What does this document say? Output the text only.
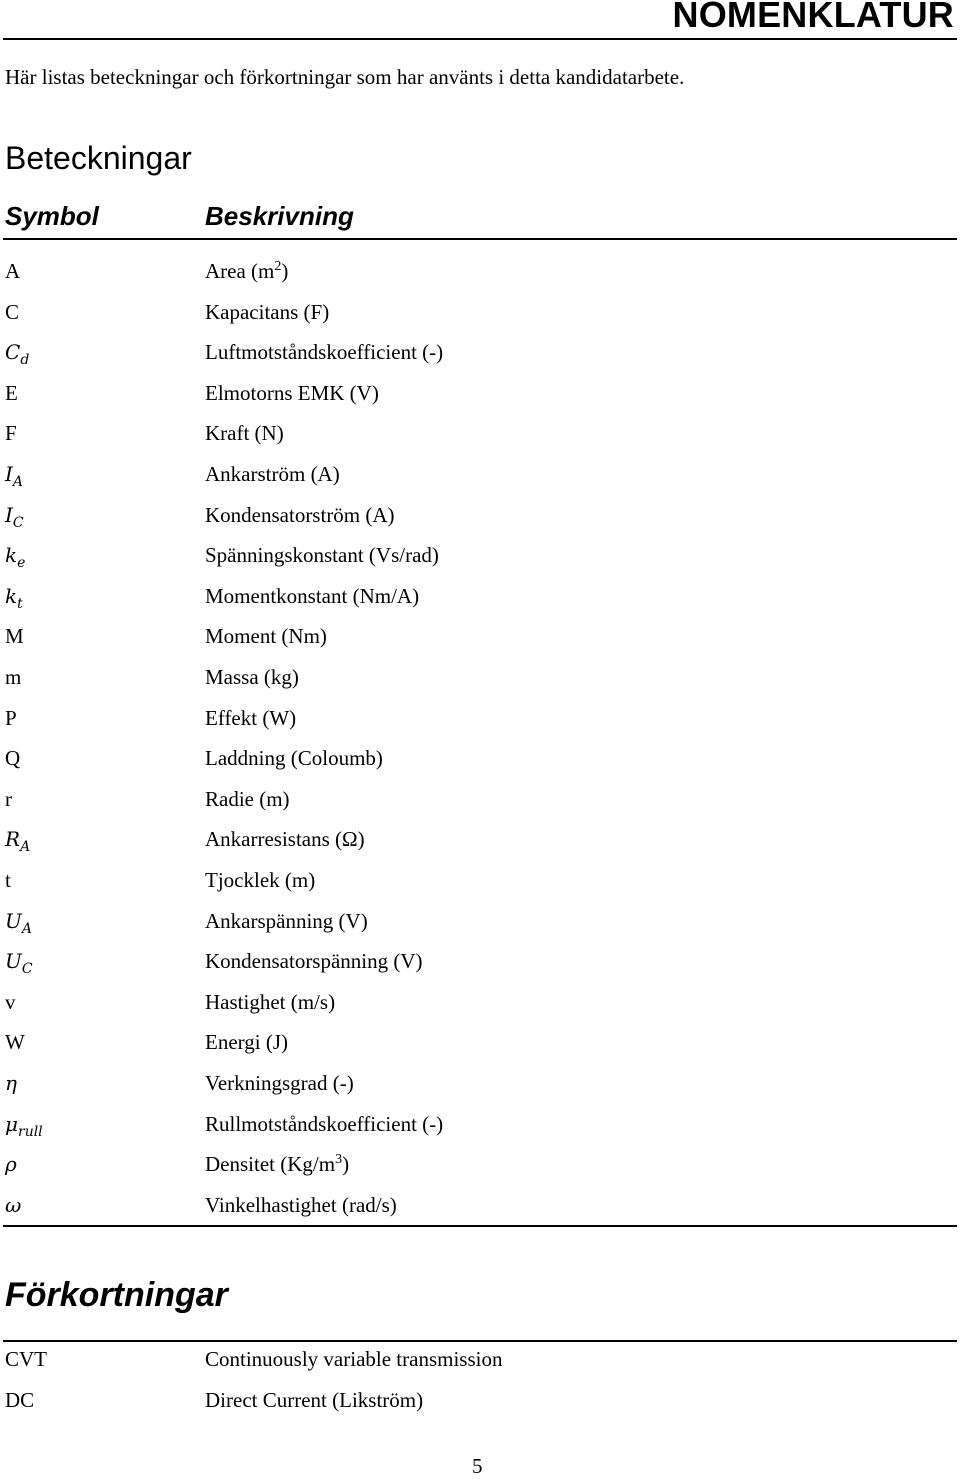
NOMENKLATUR
Här listas beteckningar och förkortningar som har använts i detta kandidatarbete.
Beteckningar
Symbol	Beskrivning
A	Area $(m^2)$
C	Kapacitans (F)
$C_d$	Luftmotståndskoefficient (-)
E	Elmotorns EMK (V)
F	Kraft (N)
$I_A$	Ankarström (A)
$I_C$	Kondensatorström (A)
$k_e$	Spänningskonstant (Vs/rad)
$k_t$	Momentkonstant (Nm/A)
M	Moment (Nm)
m	Massa (kg)
P	Effekt (W)
Q	Laddning (Coloumb)
r	Radie (m)
$R_A$	Ankarresistans (Ω)
t	Tjocklek (m)
$U_A$	Ankarspänning (V)
$U_C$	Kondensatorspänning (V)
v	Hastighet (m/s)
W	Energi (J)
η	Verkningsgrad (-)
$\mu_{rull}$	Rullmotståndskoefficient (-)
ρ	Densitet $(Kg/m^3)$
ω	Vinkelhastighet (rad/s)
Förkortningar
CVT	Continuously variable transmission
DC	Direct Current (Likström)
5
